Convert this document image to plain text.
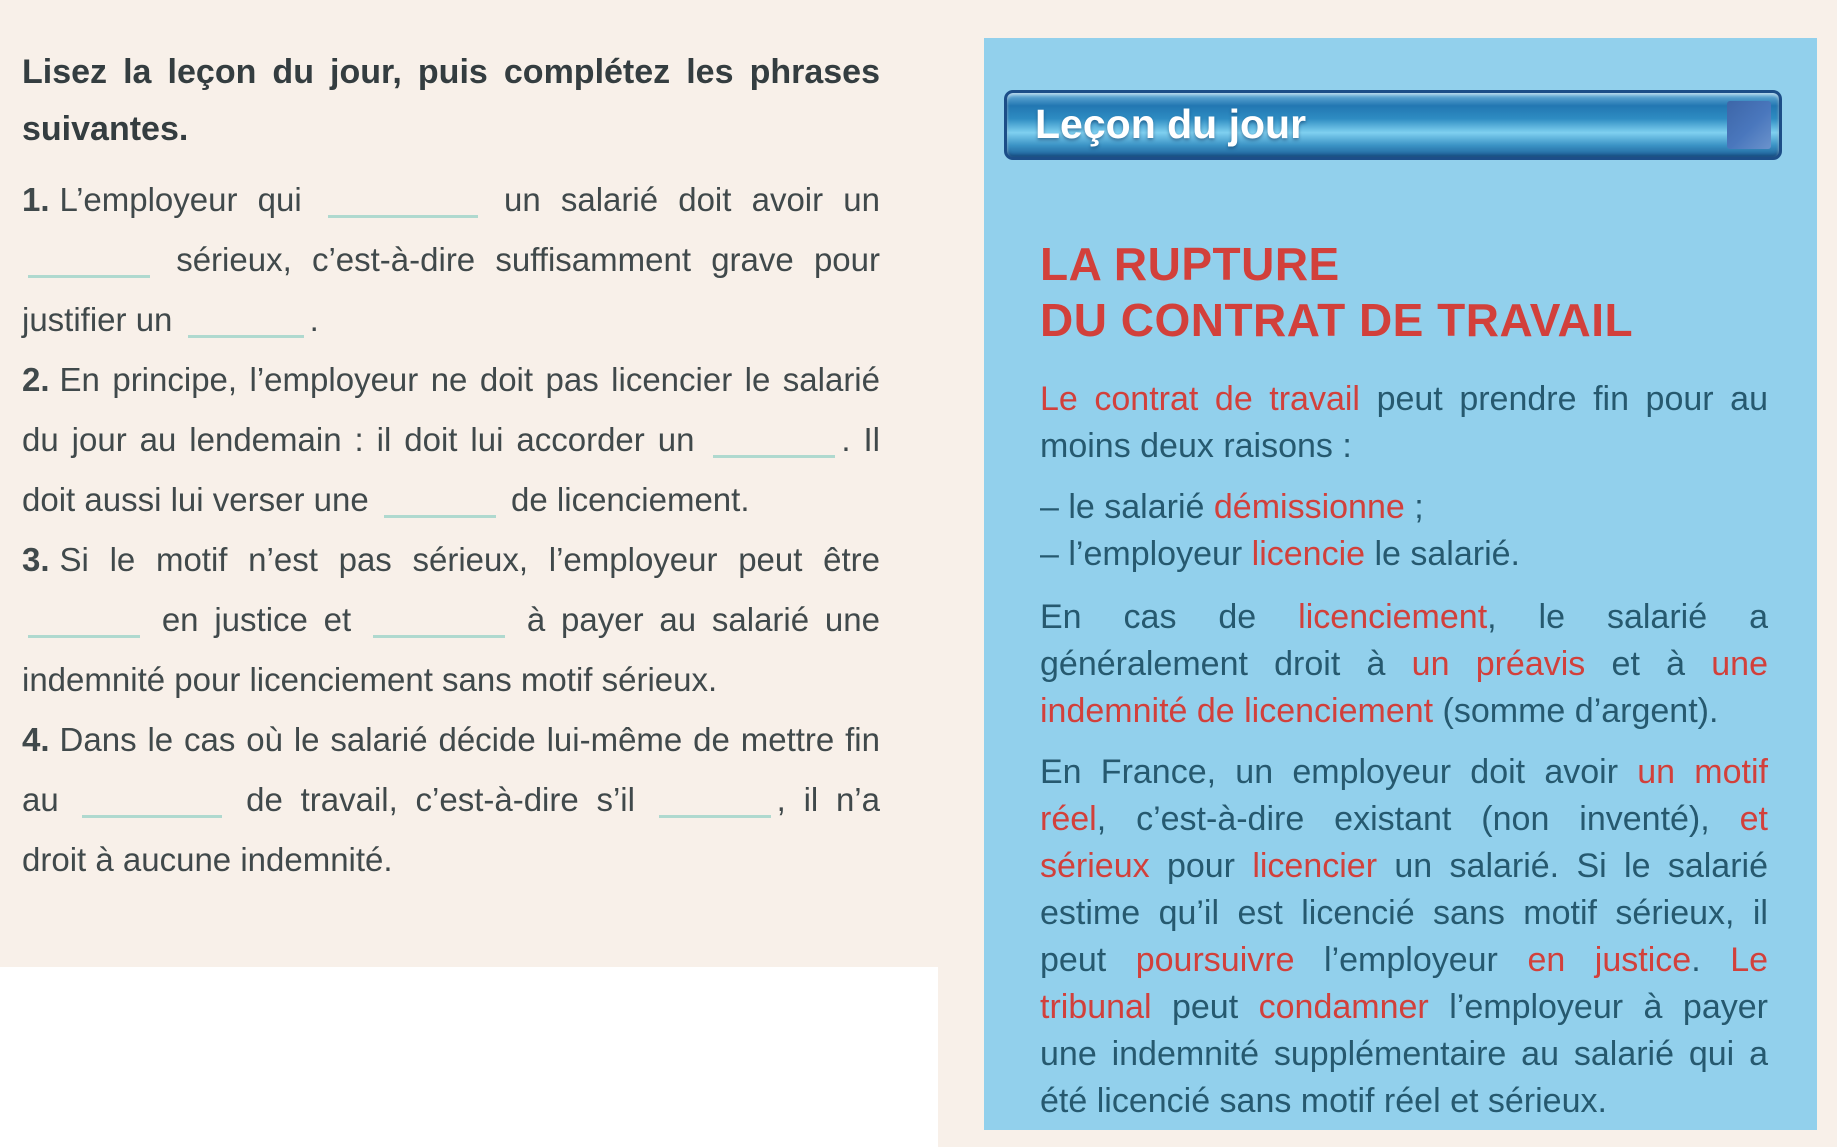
Lisez la leçon du jour, puis complétez les phrases suivantes.

1. L’employeur qui	un salarié doit avoir un  sérieux, c’est-à-dire suffisamment grave pour justifier un	.

2. En principe, l’employeur ne doit pas licencier le salarié du jour au lendemain : il doit lui accorder un	. Il doit aussi lui verser une	de licenciement.

3. Si le motif n’est pas sérieux, l’employeur peut être  en justice et	à payer au salarié une indemnité pour licenciement sans motif sérieux.

4. Dans le cas où le salarié décide lui-même de mettre fin au	de travail, c’est-à-dire s’il	, il n’a droit à aucune indemnité.

Leçon du jour
LA RUPTURE
DU CONTRAT DE TRAVAIL

Le contrat de travail peut prendre fin pour au moins deux raisons :

– le salarié démissionne ;

– l’employeur licencie le salarié.

En cas de licenciement, le salarié a généralement droit à un préavis et à une indemnité de licenciement (somme d’argent).

En France, un employeur doit avoir un motif réel, c’est-à-dire existant (non inventé), et sérieux pour licencier un salarié. Si le salarié estime qu’il est licencié sans motif sérieux, il peut poursuivre l’employeur en justice. Le tribunal peut condamner l’employeur à payer une indemnité supplémentaire au salarié qui a été licencié sans motif réel et sérieux.
